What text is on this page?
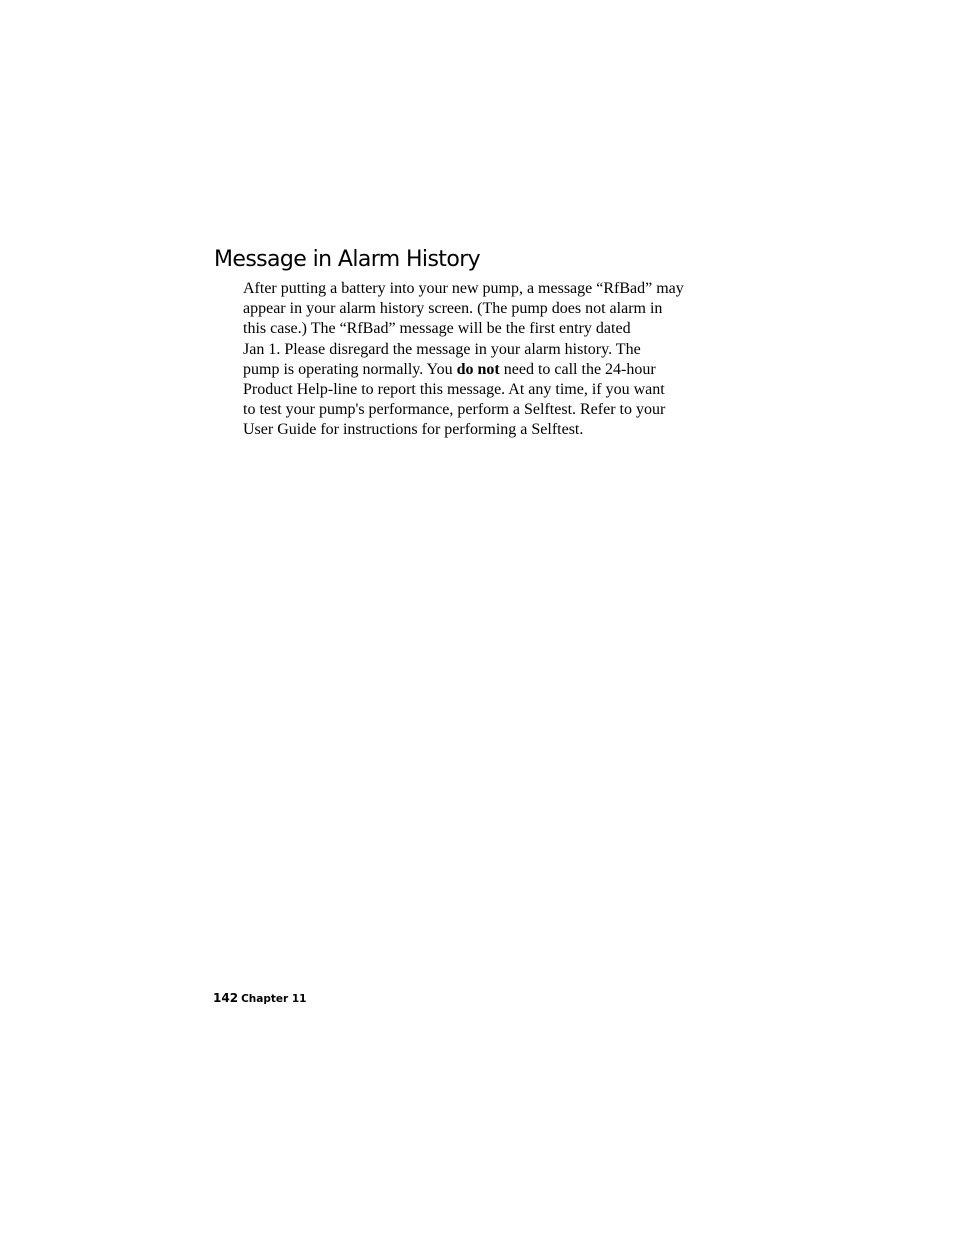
Message in Alarm History

After putting a battery into your new pump, a message “RfBad” may
appear in your alarm history screen. (The pump does not alarm in
this case.) The “RfBad” message will be the first entry dated
Jan 1. Please disregard the message in your alarm history. The
pump is operating normally. You do not need to call the 24-hour
Product Help-line to report this message. At any time, if you want
to test your pump's performance, perform a Selftest. Refer to your
User Guide for instructions for performing a Selftest.

142 Chapter 11
